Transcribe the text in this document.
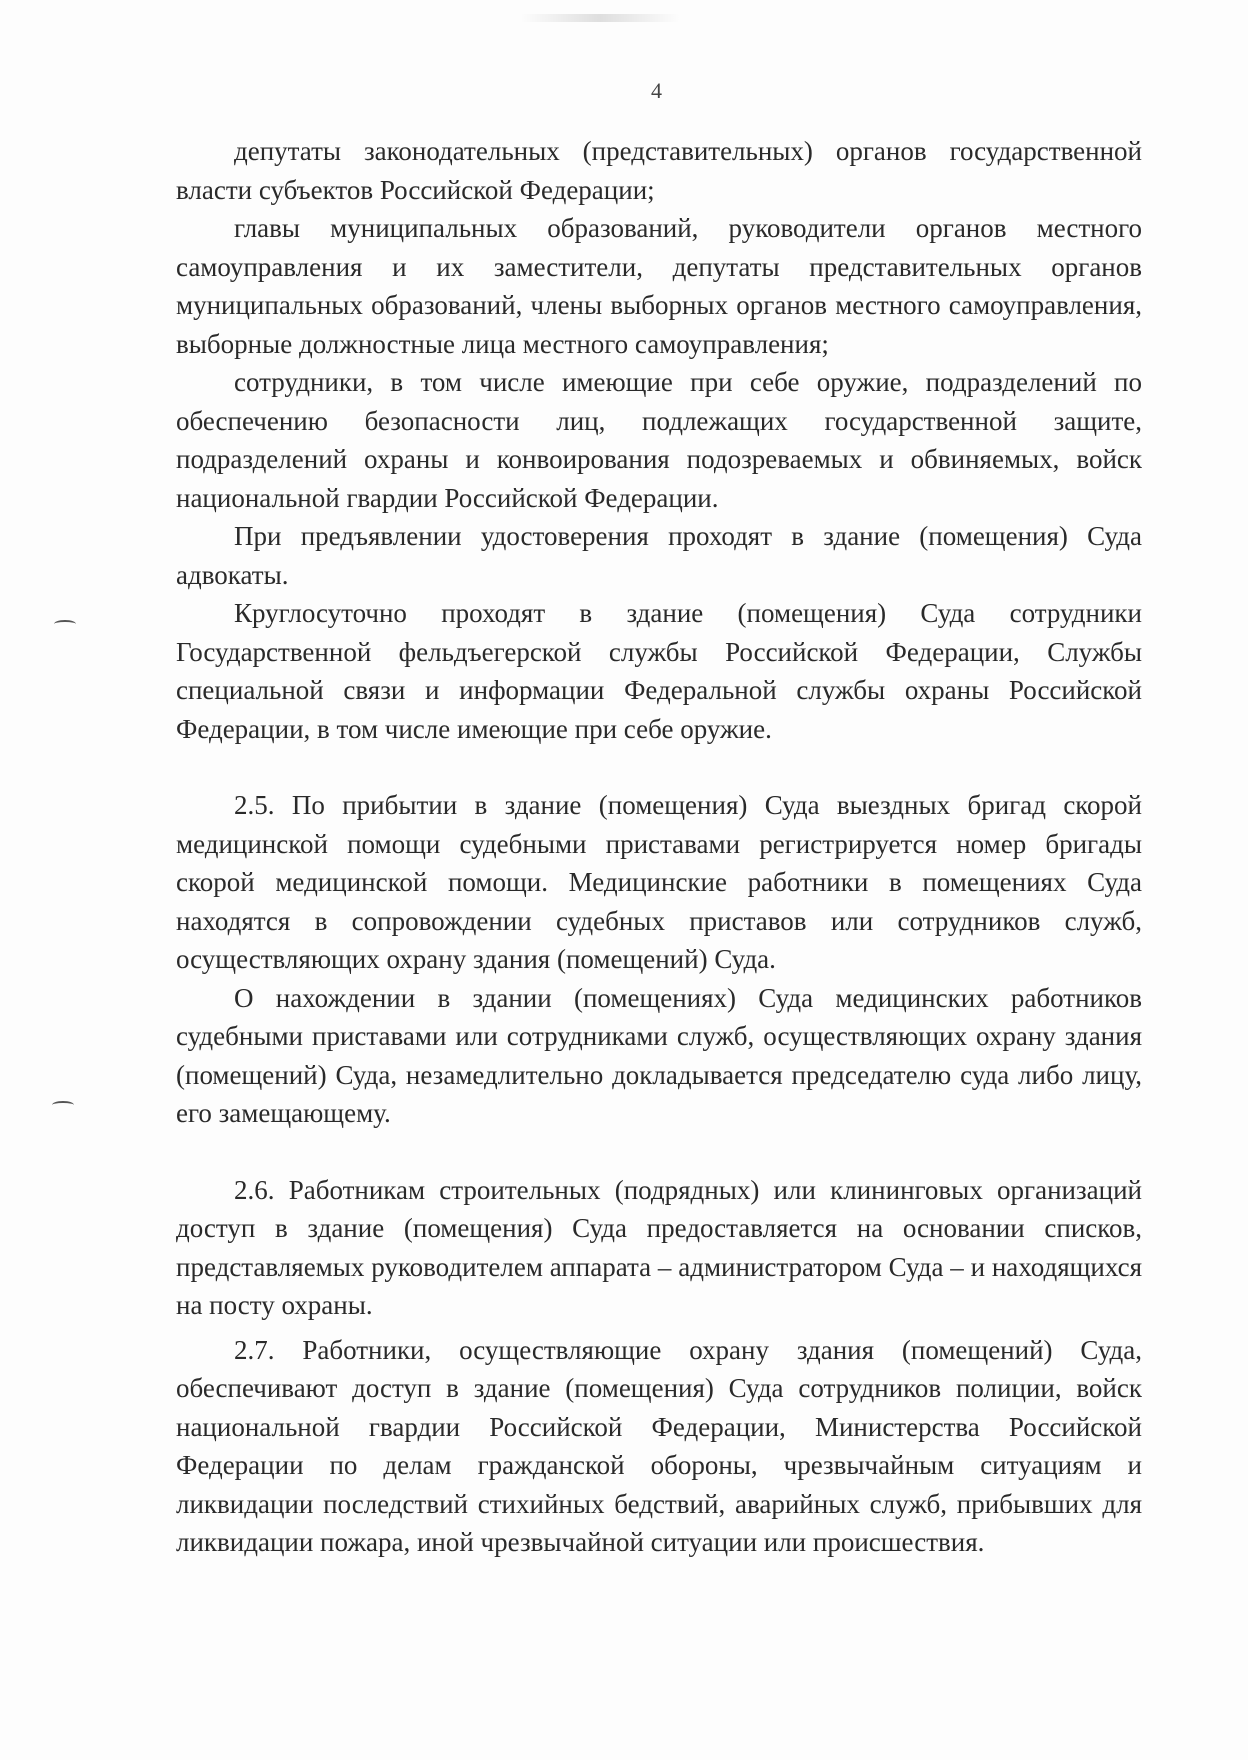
4

депутаты законодательных (представительных) органов государственной власти субъектов Российской Федерации;

главы муниципальных образований, руководители органов местного самоуправления и их заместители, депутаты представительных органов муниципальных образований, члены выборных органов местного самоуправления, выборные должностные лица местного самоуправления;

сотрудники, в том числе имеющие при себе оружие, подразделений по обеспечению безопасности лиц, подлежащих государственной защите, подразделений охраны и конвоирования подозреваемых и обвиняемых, войск национальной гвардии Российской Федерации.

При предъявлении удостоверения проходят в здание (помещения) Суда адвокаты.

Круглосуточно проходят в здание (помещения) Суда сотрудники Государственной фельдъегерской службы Российской Федерации, Службы специальной связи и информации Федеральной службы охраны Российской Федерации, в том числе имеющие при себе оружие.

2.5. По прибытии в здание (помещения) Суда выездных бригад скорой медицинской помощи судебными приставами регистрируется номер бригады скорой медицинской помощи. Медицинские работники в помещениях Суда находятся в сопровождении судебных приставов или сотрудников служб, осуществляющих охрану здания (помещений) Суда.

О нахождении в здании (помещениях) Суда медицинских работников судебными приставами или сотрудниками служб, осуществляющих охрану здания (помещений) Суда, незамедлительно докладывается председателю суда либо лицу, его замещающему.

2.6. Работникам строительных (подрядных) или клининговых организаций доступ в здание (помещения) Суда предоставляется на основании списков, представляемых руководителем аппарата – администратором Суда – и находящихся на посту охраны.

2.7. Работники, осуществляющие охрану здания (помещений) Суда, обеспечивают доступ в здание (помещения) Суда сотрудников полиции, войск национальной гвардии Российской Федерации, Министерства Российской Федерации по делам гражданской обороны, чрезвычайным ситуациям и ликвидации последствий стихийных бедствий, аварийных служб, прибывших для ликвидации пожара, иной чрезвычайной ситуации или происшествия.
